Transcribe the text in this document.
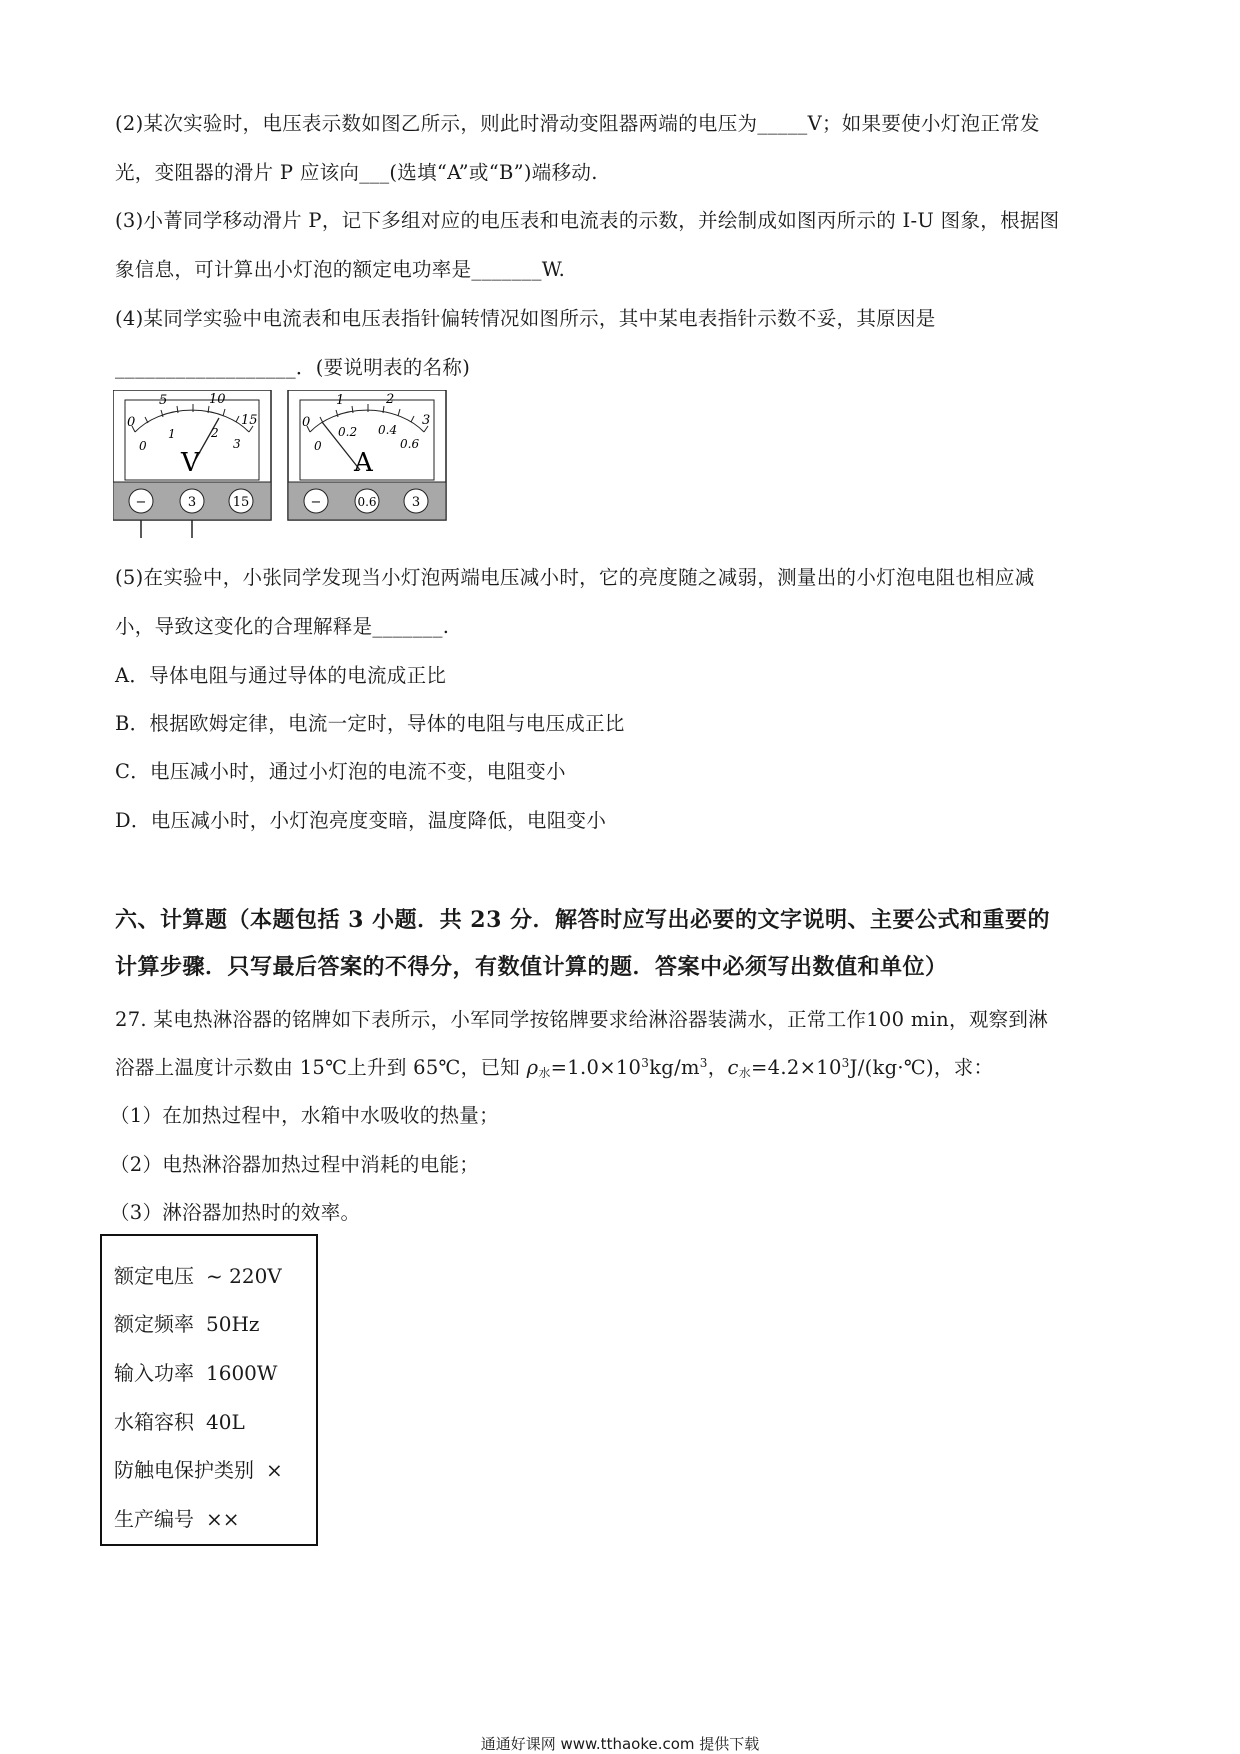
(2)某次实验时，电压表示数如图乙所示，则此时滑动变阻器两端的电压为_____V；如果要使小灯泡正常发
光，变阻器的滑片 P 应该向___(选填“A”或“B”)端移动.
(3)小菁同学移动滑片 P，记下多组对应的电压表和电流表的示数，并绘制成如图丙所示的 I-U 图象，根据图
象信息，可计算出小灯泡的额定电功率是_______W.
(4)某同学实验中电流表和电压表指针偏转情况如图所示，其中某电表指针示数不妥，其原因是
__________________．(要说明表的名称)
0
5	10
15
0
1	2
3
V
−	3	15
0
1	2
3
0
0.2 0.4
0.6
A
−	0.6	3
(5)在实验中，小张同学发现当小灯泡两端电压减小时，它的亮度随之减弱，测量出的小灯泡电阻也相应减
小，导致这变化的合理解释是_______.
A．导体电阻与通过导体的电流成正比
B．根据欧姆定律，电流一定时，导体的电阻与电压成正比
C．电压减小时，通过小灯泡的电流不变，电阻变小
D．电压减小时，小灯泡亮度变暗，温度降低，电阻变小
六、计算题（本题包括 3 小题．共 23 分．解答时应写出必要的文字说明、主要公式和重要的
计算步骤．只写最后答案的不得分，有数值计算的题．答案中必须写出数值和单位）
27. 某电热淋浴器的铭牌如下表所示，小军同学按铭牌要求给淋浴器装满水，正常工作100 min，观察到淋
浴器上温度计示数由 15℃上升到 65℃，已知 ρ水$=1.0\times 10^3kg/m^3$，c水$=4.2\times 10^3J/(kg\cdot℃)$，求：
（1）在加热过程中，水箱中水吸收的热量；
（2）电热淋浴器加热过程中消耗的电能；
（3）淋浴器加热时的效率。
额定电压 ~ 220V
额定频率 50Hz
输入功率 1600W
水箱容积 40L
防触电保护类别 ×
生产编号 ××
通通好课网 www.tthaoke.com 提供下载
